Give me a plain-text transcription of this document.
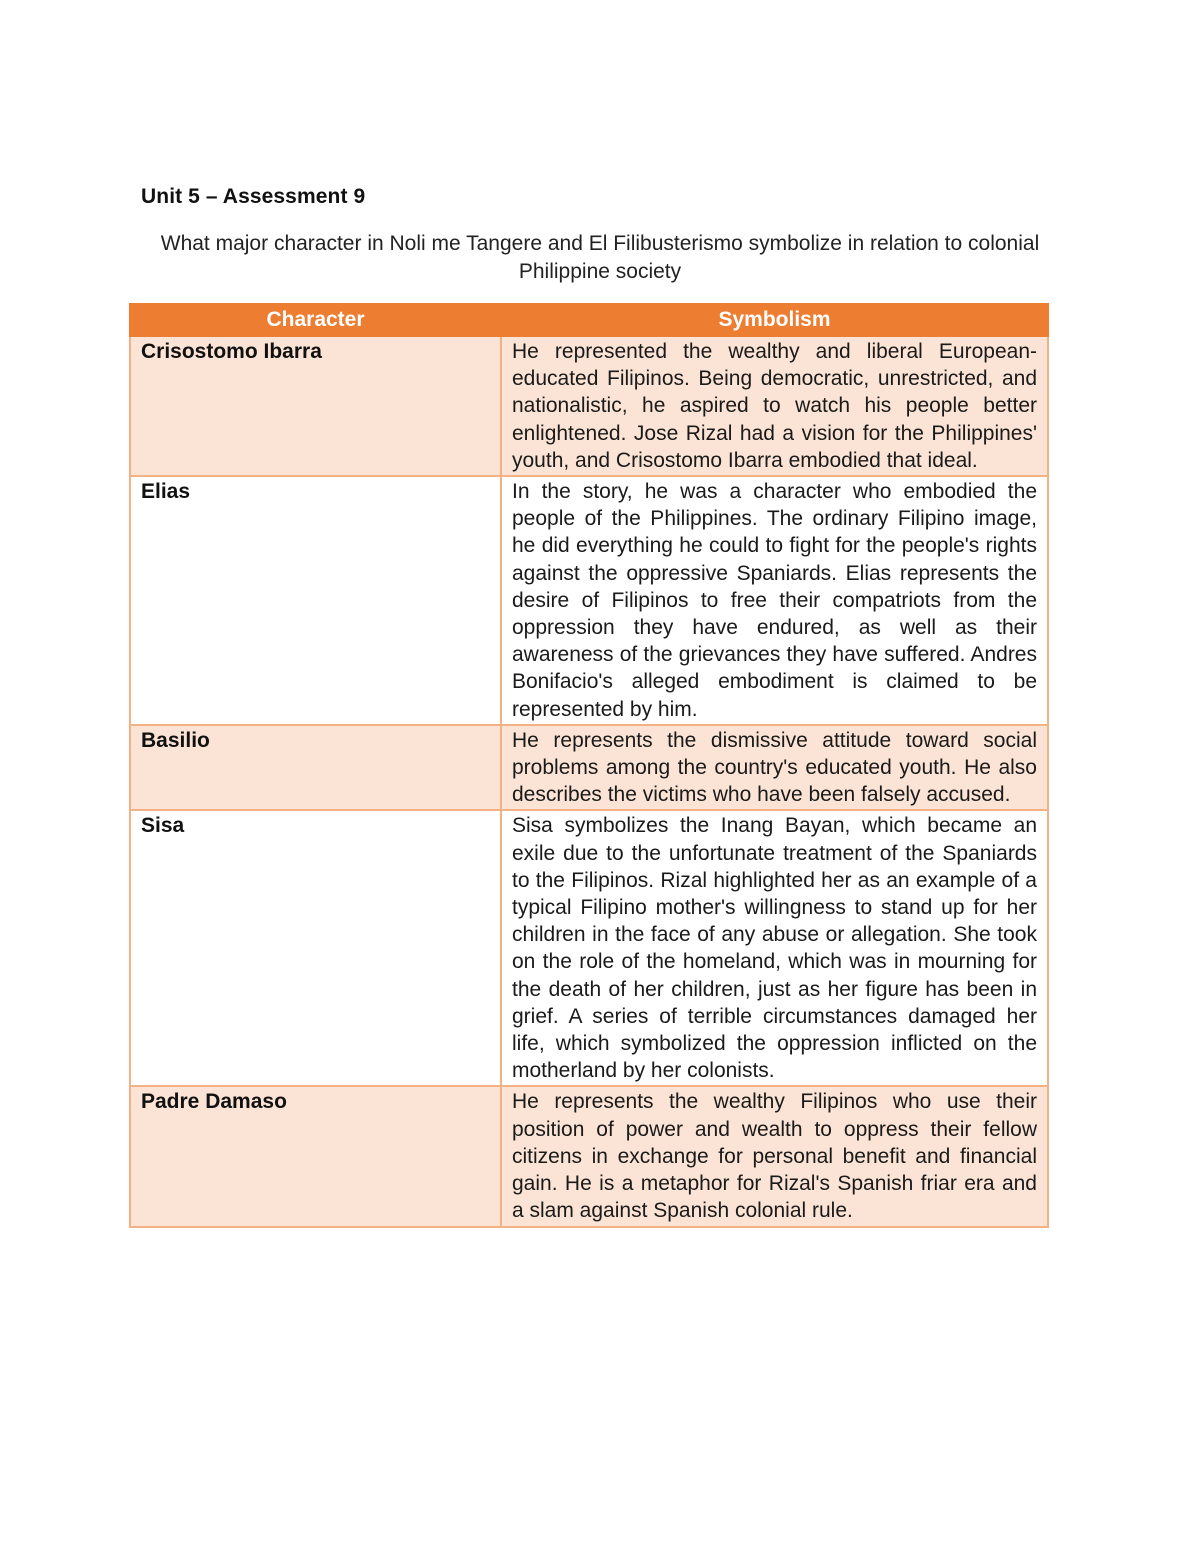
Unit 5 – Assessment 9
What major character in Noli me Tangere and El Filibusterismo symbolize in relation to colonial Philippine society
Character	Symbolism
Crisostomo Ibarra	He represented the wealthy and liberal European-educated Filipinos. Being democratic, unrestricted, and nationalistic, he aspired to watch his people better enlightened. Jose Rizal had a vision for the Philippines' youth, and Crisostomo Ibarra embodied that ideal.
Elias	In the story, he was a character who embodied the people of the Philippines. The ordinary Filipino image, he did everything he could to fight for the people's rights against the oppressive Spaniards. Elias represents the desire of Filipinos to free their compatriots from the oppression they have endured, as well as their awareness of the grievances they have suffered. Andres Bonifacio's alleged embodiment is claimed to be represented by him.
Basilio	He represents the dismissive attitude toward social problems among the country's educated youth. He also describes the victims who have been falsely accused.
Sisa	Sisa symbolizes the Inang Bayan, which became an exile due to the unfortunate treatment of the Spaniards to the Filipinos. Rizal highlighted her as an example of a typical Filipino mother's willingness to stand up for her children in the face of any abuse or allegation. She took on the role of the homeland, which was in mourning for the death of her children, just as her figure has been in grief. A series of terrible circumstances damaged her life, which symbolized the oppression inflicted on the motherland by her colonists.
Padre Damaso	He represents the wealthy Filipinos who use their position of power and wealth to oppress their fellow citizens in exchange for personal benefit and financial gain. He is a metaphor for Rizal's Spanish friar era and a slam against Spanish colonial rule.
